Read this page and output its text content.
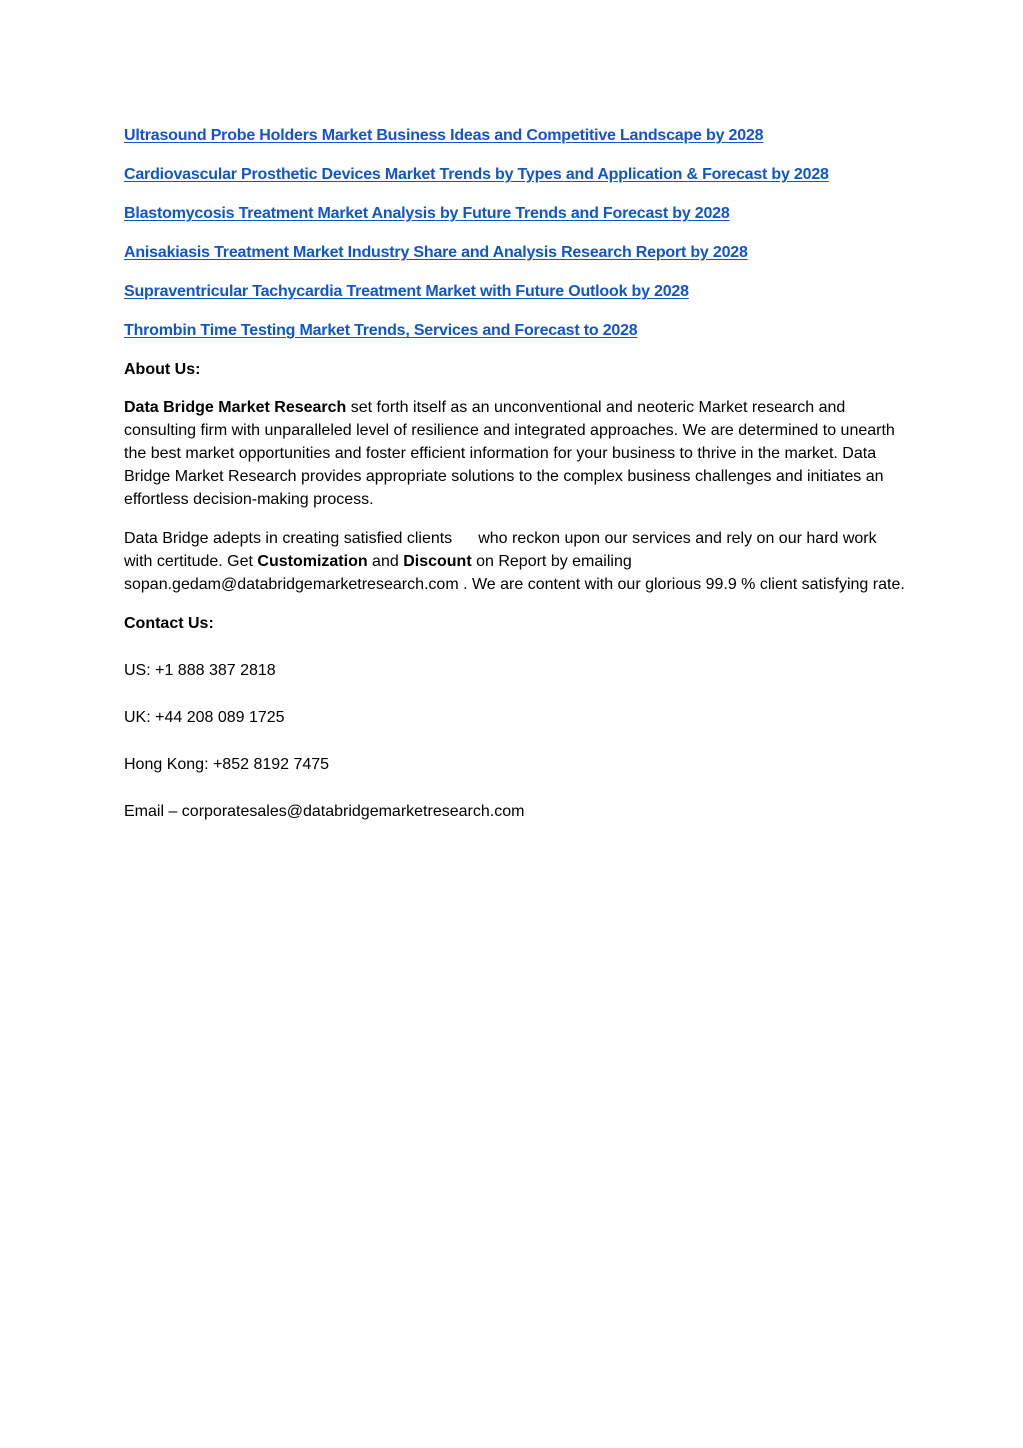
Ultrasound Probe Holders Market Business Ideas and Competitive Landscape by 2028
Cardiovascular Prosthetic Devices Market Trends by Types and Application & Forecast by 2028
Blastomycosis Treatment Market Analysis by Future Trends and Forecast by 2028
Anisakiasis Treatment Market Industry Share and Analysis Research Report by 2028
Supraventricular Tachycardia Treatment Market with Future Outlook by 2028
Thrombin Time Testing Market Trends, Services and Forecast to 2028
About Us:

Data Bridge Market Research set forth itself as an unconventional and neoteric Market research and consulting firm with unparalleled level of resilience and integrated approaches. We are determined to unearth the best market opportunities and foster efficient information for your business to thrive in the market. Data Bridge Market Research provides appropriate solutions to the complex business challenges and initiates an effortless decision-making process.

Data Bridge adepts in creating satisfied clients who reckon upon our services and rely on our hard work with certitude. Get Customization and Discount on Report by emailing sopan.gedam@databridgemarketresearch.com . We are content with our glorious 99.9 % client satisfying rate.

Contact Us:
US: +1 888 387 2818
UK: +44 208 089 1725
Hong Kong: +852 8192 7475
Email – corporatesales@databridgemarketresearch.com
